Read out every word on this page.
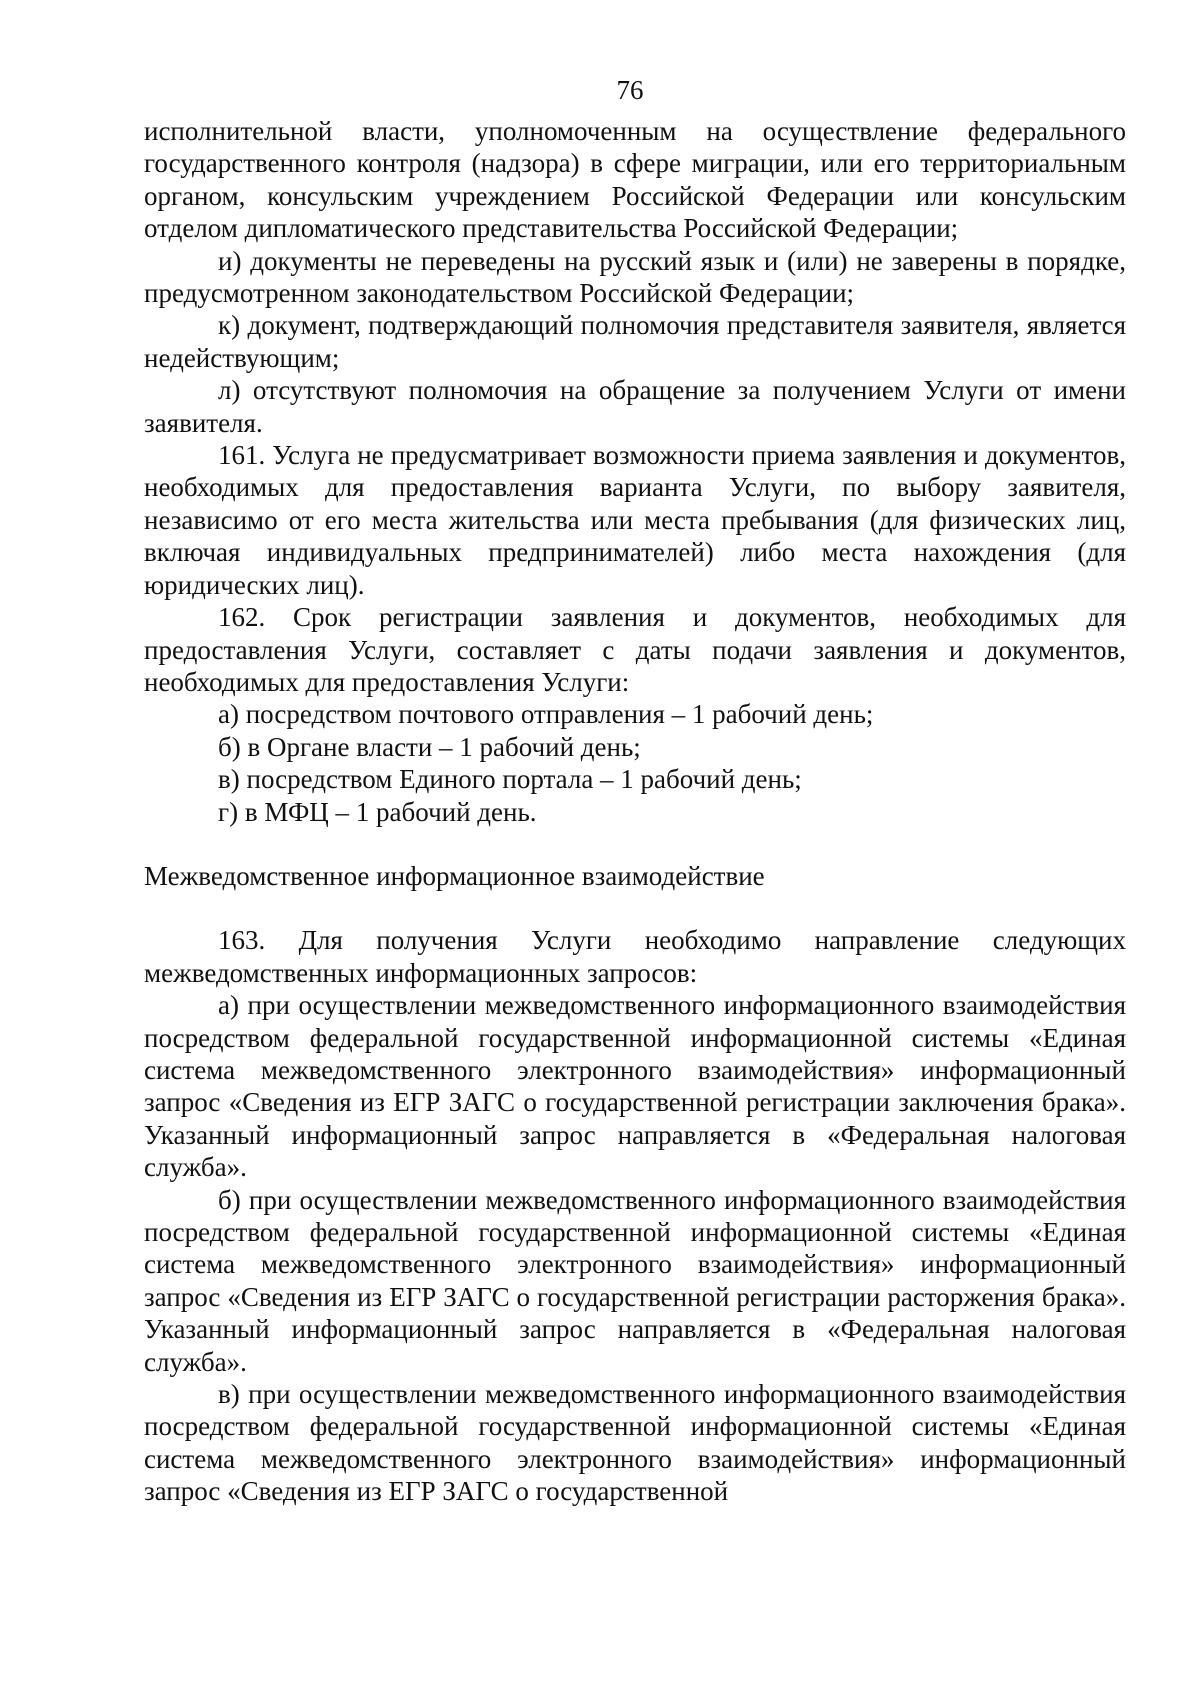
76

исполнительной власти, уполномоченным на осуществление федерального государственного контроля (надзора) в сфере миграции, или его территориальным органом, консульским учреждением Российской Федерации или консульским отделом дипломатического представительства Российской Федерации;

и) документы не переведены на русский язык и (или) не заверены в порядке, предусмотренном законодательством Российской Федерации;

к) документ, подтверждающий полномочия представителя заявителя, является недействующим;

л) отсутствуют полномочия на обращение за получением Услуги от имени заявителя.

161. Услуга не предусматривает возможности приема заявления и документов, необходимых для предоставления варианта Услуги, по выбору заявителя, независимо от его места жительства или места пребывания (для физических лиц, включая индивидуальных предпринимателей) либо места нахождения (для юридических лиц).

162. Срок регистрации заявления и документов, необходимых для предоставления Услуги, составляет с даты подачи заявления и документов, необходимых для предоставления Услуги:

а) посредством почтового отправления – 1 рабочий день;

б) в Органе власти – 1 рабочий день;

в) посредством Единого портала – 1 рабочий день;

г) в МФЦ – 1 рабочий день.

Межведомственное информационное взаимодействие

163. Для получения Услуги необходимо направление следующих межведомственных информационных запросов:

а) при осуществлении межведомственного информационного взаимодействия посредством федеральной государственной информационной системы «Единая система межведомственного электронного взаимодействия» информационный запрос «Сведения из ЕГР ЗАГС о государственной регистрации заключения брака». Указанный информационный запрос направляется в «Федеральная налоговая служба».

б) при осуществлении межведомственного информационного взаимодействия посредством федеральной государственной информационной системы «Единая система межведомственного электронного взаимодействия» информационный запрос «Сведения из ЕГР ЗАГС о государственной регистрации расторжения брака». Указанный информационный запрос направляется в «Федеральная налоговая служба».

в) при осуществлении межведомственного информационного взаимодействия посредством федеральной государственной информационной системы «Единая система межведомственного электронного взаимодействия» информационный запрос «Сведения из ЕГР ЗАГС о государственной
